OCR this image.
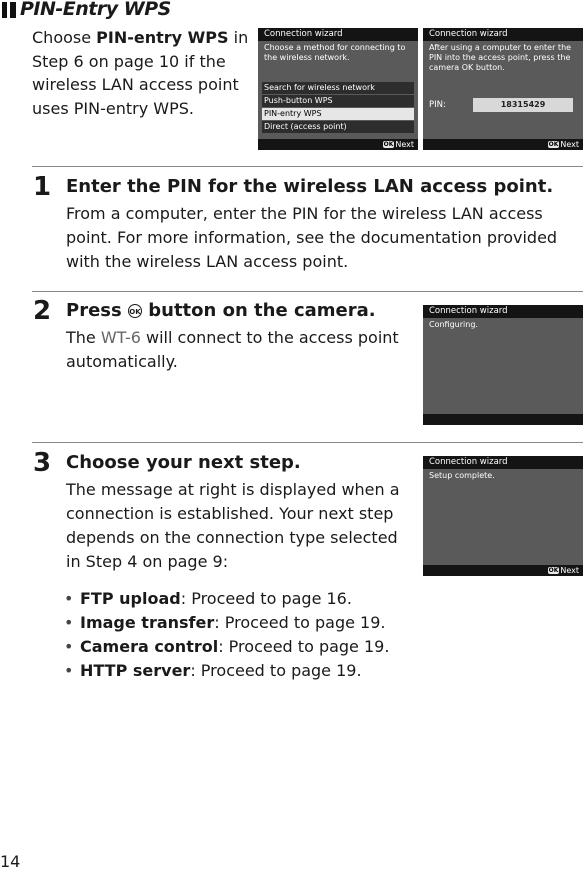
PIN-Entry WPS
Choose PIN-entry WPS in Step 6 on page 10 if the wireless LAN access point uses PIN-entry WPS.
Connection wizard
Choose a method for connecting to the wireless network.
Search for wireless network
Push-button WPS
PIN-entry WPS
Direct (access point)
OK Next
Connection wizard
After using a computer to enter the PIN into the access point, press the camera OK button.
PIN:	18315429
OK Next
1 Enter the PIN for the wireless LAN access point.
From a computer, enter the PIN for the wireless LAN access point. For more information, see the documentation provided with the wireless LAN access point.
2 Press OK button on the camera.
The WT-6 will connect to the access point automatically.
Connection wizard
Configuring.
3 Choose your next step.
The message at right is displayed when a connection is established. Your next step depends on the connection type selected in Step 4 on page 9:
Connection wizard
Setup complete.
OK Next
• FTP upload: Proceed to page 16.
• Image transfer: Proceed to page 19.
• Camera control: Proceed to page 19.
• HTTP server: Proceed to page 19.
14
